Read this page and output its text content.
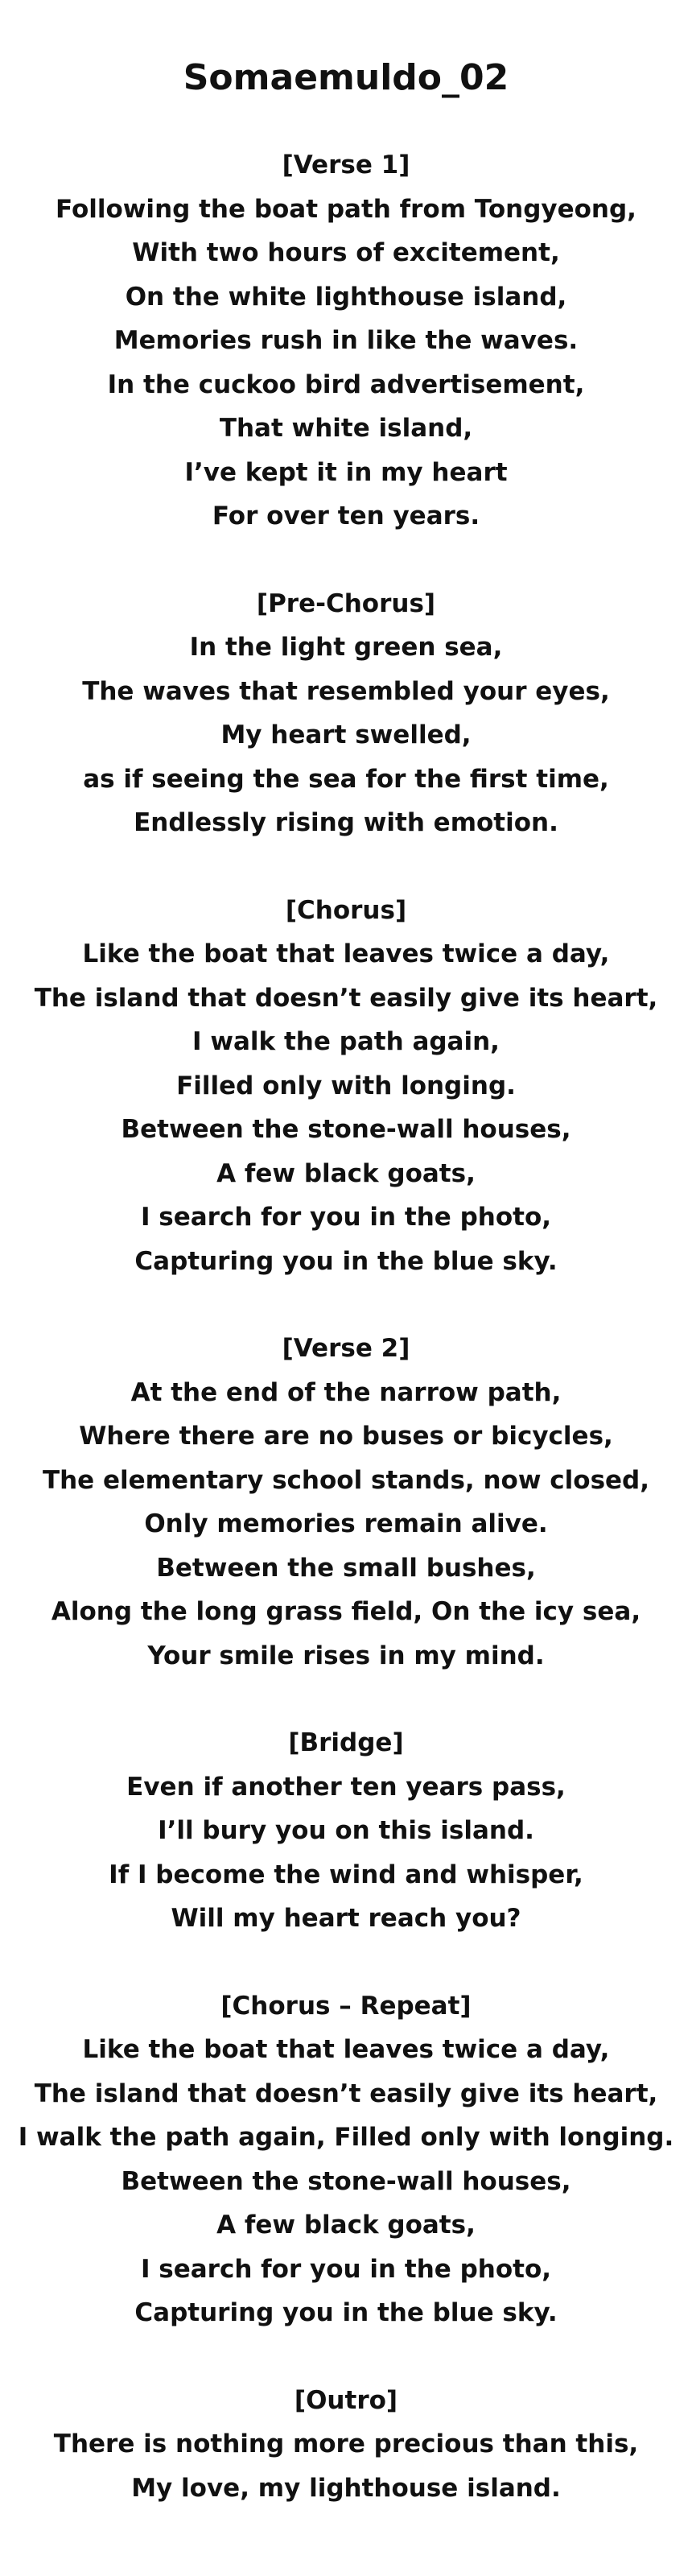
Somaemuldo_02

[Verse 1]

Following the boat path from Tongyeong,

With two hours of excitement,

On the white lighthouse island,

Memories rush in like the waves.

In the cuckoo bird advertisement,

That white island,

I’ve kept it in my heart

For over ten years.

[Pre-Chorus]

In the light green sea,

The waves that resembled your eyes,

My heart swelled,

as if seeing the sea for the first time,

Endlessly rising with emotion.

[Chorus]

Like the boat that leaves twice a day,

The island that doesn’t easily give its heart,

I walk the path again,

Filled only with longing.

Between the stone-wall houses,

A few black goats,

I search for you in the photo,

Capturing you in the blue sky.

[Verse 2]

At the end of the narrow path,

Where there are no buses or bicycles,

The elementary school stands, now closed,

Only memories remain alive.

Between the small bushes,

Along the long grass field, On the icy sea,

Your smile rises in my mind.

[Bridge]

Even if another ten years pass,

I’ll bury you on this island.

If I become the wind and whisper,

Will my heart reach you?

[Chorus – Repeat]

Like the boat that leaves twice a day,

The island that doesn’t easily give its heart,

I walk the path again, Filled only with longing.

Between the stone-wall houses,

A few black goats,

I search for you in the photo,

Capturing you in the blue sky.

[Outro]

There is nothing more precious than this,

My love, my lighthouse island.
